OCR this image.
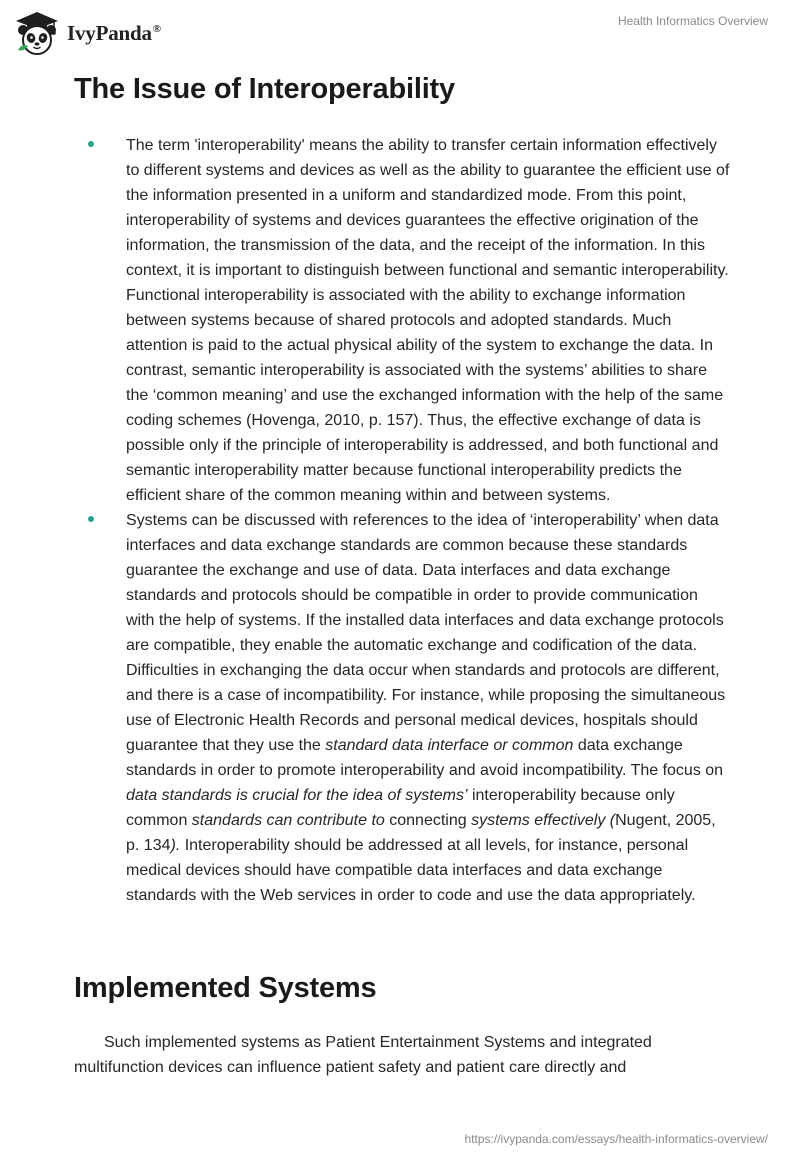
IvyPanda®
Health Informatics Overview
The Issue of Interoperability
The term 'interoperability' means the ability to transfer certain information effectively to different systems and devices as well as the ability to guarantee the efficient use of the information presented in a uniform and standardized mode. From this point, interoperability of systems and devices guarantees the effective origination of the information, the transmission of the data, and the receipt of the information. In this context, it is important to distinguish between functional and semantic interoperability. Functional interoperability is associated with the ability to exchange information between systems because of shared protocols and adopted standards. Much attention is paid to the actual physical ability of the system to exchange the data. In contrast, semantic interoperability is associated with the systems’ abilities to share the ‘common meaning’ and use the exchanged information with the help of the same coding schemes (Hovenga, 2010, p. 157). Thus, the effective exchange of data is possible only if the principle of interoperability is addressed, and both functional and semantic interoperability matter because functional interoperability predicts the efficient share of the common meaning within and between systems.
Systems can be discussed with references to the idea of ‘interoperability’ when data interfaces and data exchange standards are common because these standards guarantee the exchange and use of data. Data interfaces and data exchange standards and protocols should be compatible in order to provide communication with the help of systems. If the installed data interfaces and data exchange protocols are compatible, they enable the automatic exchange and codification of the data. Difficulties in exchanging the data occur when standards and protocols are different, and there is a case of incompatibility. For instance, while proposing the simultaneous use of Electronic Health Records and personal medical devices, hospitals should guarantee that they use the standard data interface or common data exchange standards in order to promote interoperability and avoid incompatibility. The focus on data standards is crucial for the idea of systems’ interoperability because only common standards can contribute to connecting systems effectively (Nugent, 2005, p. 134). Interoperability should be addressed at all levels, for instance, personal medical devices should have compatible data interfaces and data exchange standards with the Web services in order to code and use the data appropriately.
Implemented Systems

Such implemented systems as Patient Entertainment Systems and integrated multifunction devices can influence patient safety and patient care directly and

https://ivypanda.com/essays/health-informatics-overview/
